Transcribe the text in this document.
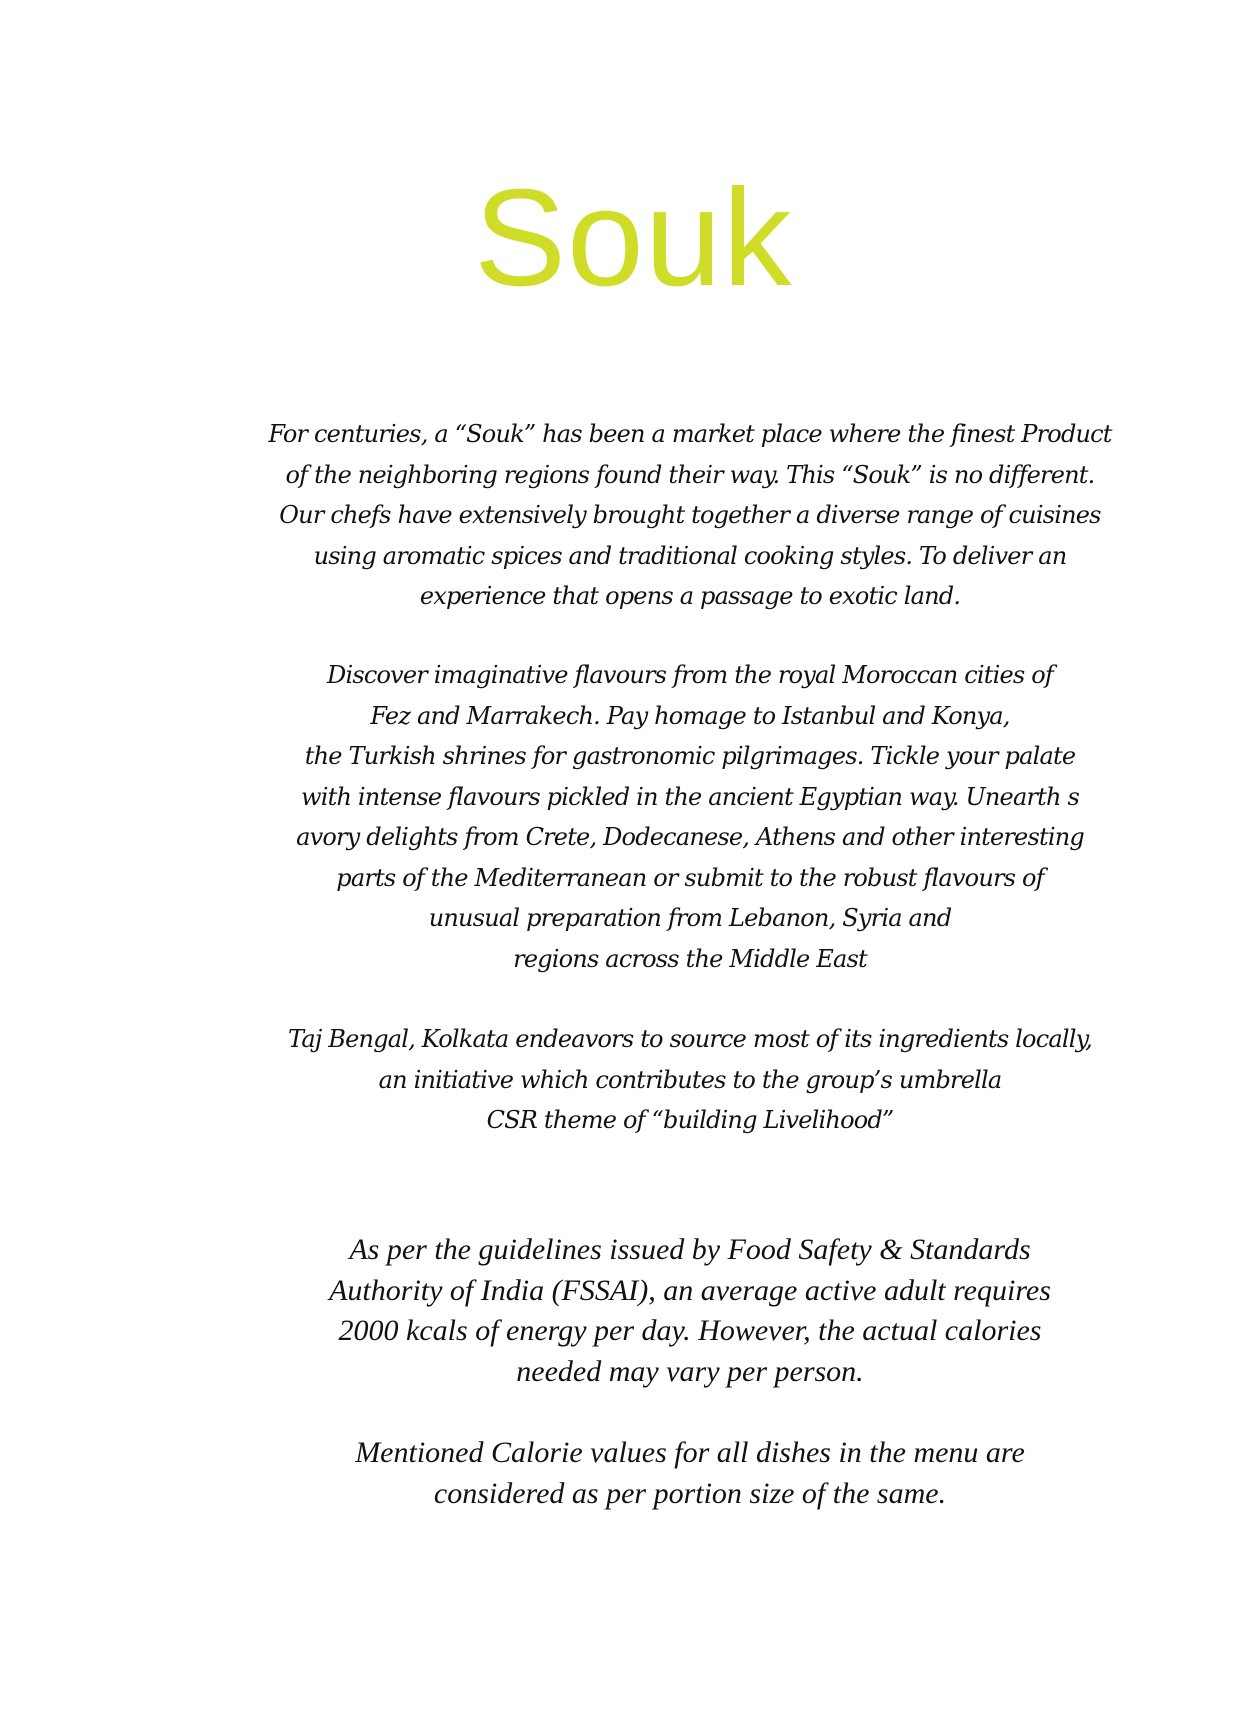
Souk
For centuries, a “Souk” has been a market place where the finest Product
of the neighboring regions found their way. This “Souk” is no different.
Our chefs have extensively brought together a diverse range of cuisines
using aromatic spices and traditional cooking styles. To deliver an
experience that opens a passage to exotic land.
Discover imaginative flavours from the royal Moroccan cities of
Fez and Marrakech. Pay homage to Istanbul and Konya,
the Turkish shrines for gastronomic pilgrimages. Tickle your palate
with intense flavours pickled in the ancient Egyptian way. Unearth s
avory delights from Crete, Dodecanese, Athens and other interesting
parts of the Mediterranean or submit to the robust flavours of
unusual preparation from Lebanon, Syria and
regions across the Middle East
Taj Bengal, Kolkata endeavors to source most of its ingredients locally,
an initiative which contributes to the group’s umbrella
CSR theme of “building Livelihood”
As per the guidelines issued by Food Safety & Standards
Authority of India (FSSAI), an average active adult requires
2000 kcals of energy per day. However, the actual calories
needed may vary per person.
Mentioned Calorie values for all dishes in the menu are
considered as per portion size of the same.
